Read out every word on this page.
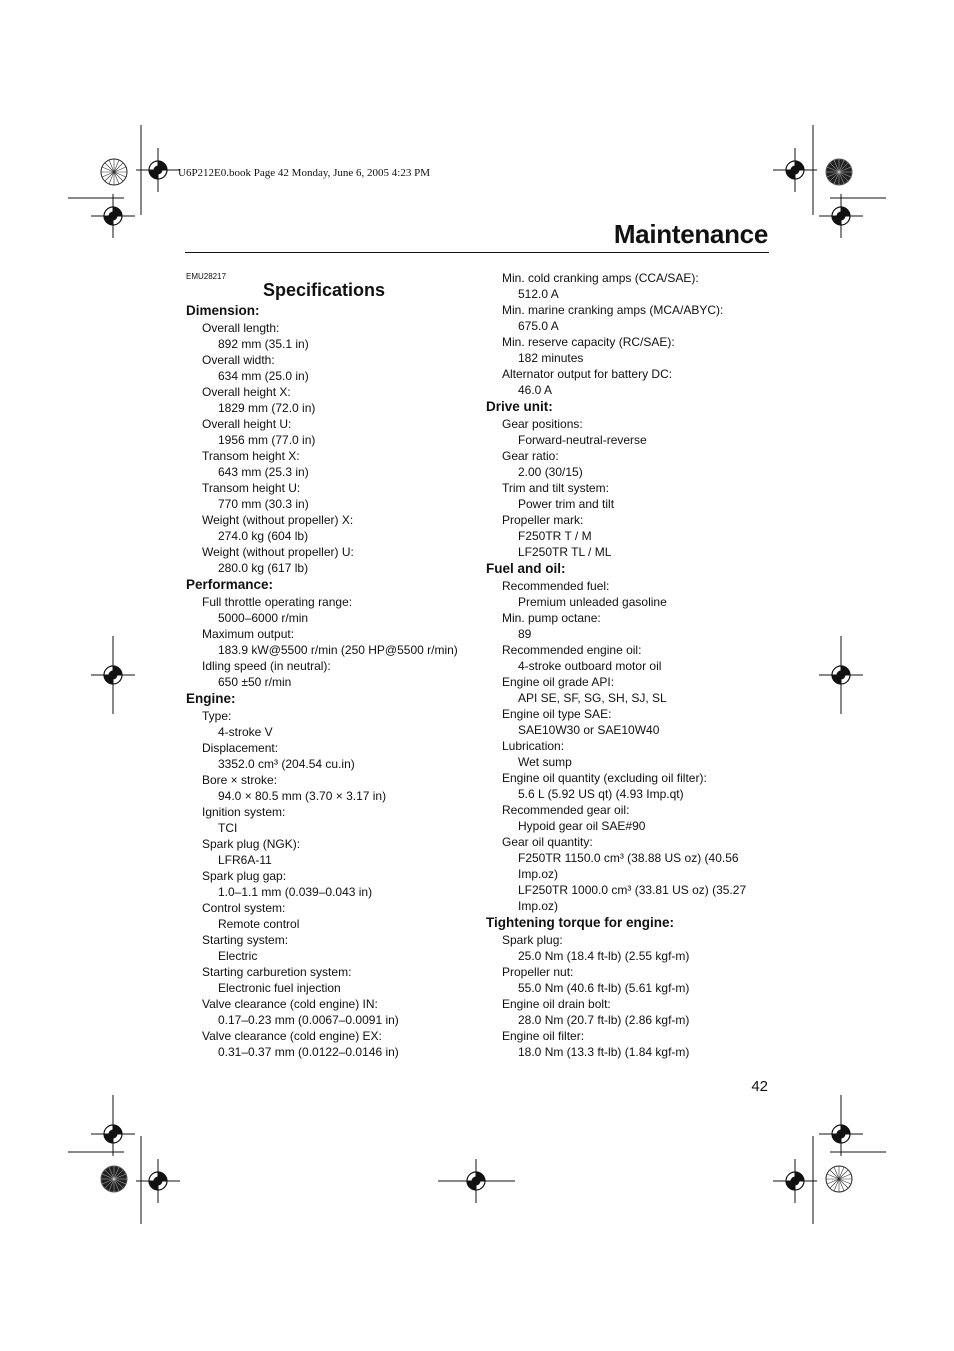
U6P212E0.book Page 42 Monday, June 6, 2005 4:23 PM
Maintenance
EMU28217
Specifications
Dimension:
Overall length:
892 mm (35.1 in)
Overall width:
634 mm (25.0 in)
Overall height X:
1829 mm (72.0 in)
Overall height U:
1956 mm (77.0 in)
Transom height X:
643 mm (25.3 in)
Transom height U:
770 mm (30.3 in)
Weight (without propeller) X:
274.0 kg (604 lb)
Weight (without propeller) U:
280.0 kg (617 lb)
Performance:
Full throttle operating range:
5000–6000 r/min
Maximum output:
183.9 kW@5500 r/min (250 HP@5500 r/min)
Idling speed (in neutral):
650 ±50 r/min
Engine:
Type:
4-stroke V
Displacement:
3352.0 cm³ (204.54 cu.in)
Bore × stroke:
94.0 × 80.5 mm (3.70 × 3.17 in)
Ignition system:
TCI
Spark plug (NGK):
LFR6A-11
Spark plug gap:
1.0–1.1 mm (0.039–0.043 in)
Control system:
Remote control
Starting system:
Electric
Starting carburetion system:
Electronic fuel injection
Valve clearance (cold engine) IN:
0.17–0.23 mm (0.0067–0.0091 in)
Valve clearance (cold engine) EX:
0.31–0.37 mm (0.0122–0.0146 in)
Min. cold cranking amps (CCA/SAE):
512.0 A
Min. marine cranking amps (MCA/ABYC):
675.0 A
Min. reserve capacity (RC/SAE):
182 minutes
Alternator output for battery DC:
46.0 A
Drive unit:
Gear positions:
Forward-neutral-reverse
Gear ratio:
2.00 (30/15)
Trim and tilt system:
Power trim and tilt
Propeller mark:
F250TR T / M
LF250TR TL / ML
Fuel and oil:
Recommended fuel:
Premium unleaded gasoline
Min. pump octane:
89
Recommended engine oil:
4-stroke outboard motor oil
Engine oil grade API:
API SE, SF, SG, SH, SJ, SL
Engine oil type SAE:
SAE10W30 or SAE10W40
Lubrication:
Wet sump
Engine oil quantity (excluding oil filter):
5.6 L (5.92 US qt) (4.93 Imp.qt)
Recommended gear oil:
Hypoid gear oil SAE#90
Gear oil quantity:
F250TR 1150.0 cm³ (38.88 US oz) (40.56 Imp.oz)
LF250TR 1000.0 cm³ (33.81 US oz) (35.27 Imp.oz)
Tightening torque for engine:
Spark plug:
25.0 Nm (18.4 ft-lb) (2.55 kgf-m)
Propeller nut:
55.0 Nm (40.6 ft-lb) (5.61 kgf-m)
Engine oil drain bolt:
28.0 Nm (20.7 ft-lb) (2.86 kgf-m)
Engine oil filter:
18.0 Nm (13.3 ft-lb) (1.84 kgf-m)
42
